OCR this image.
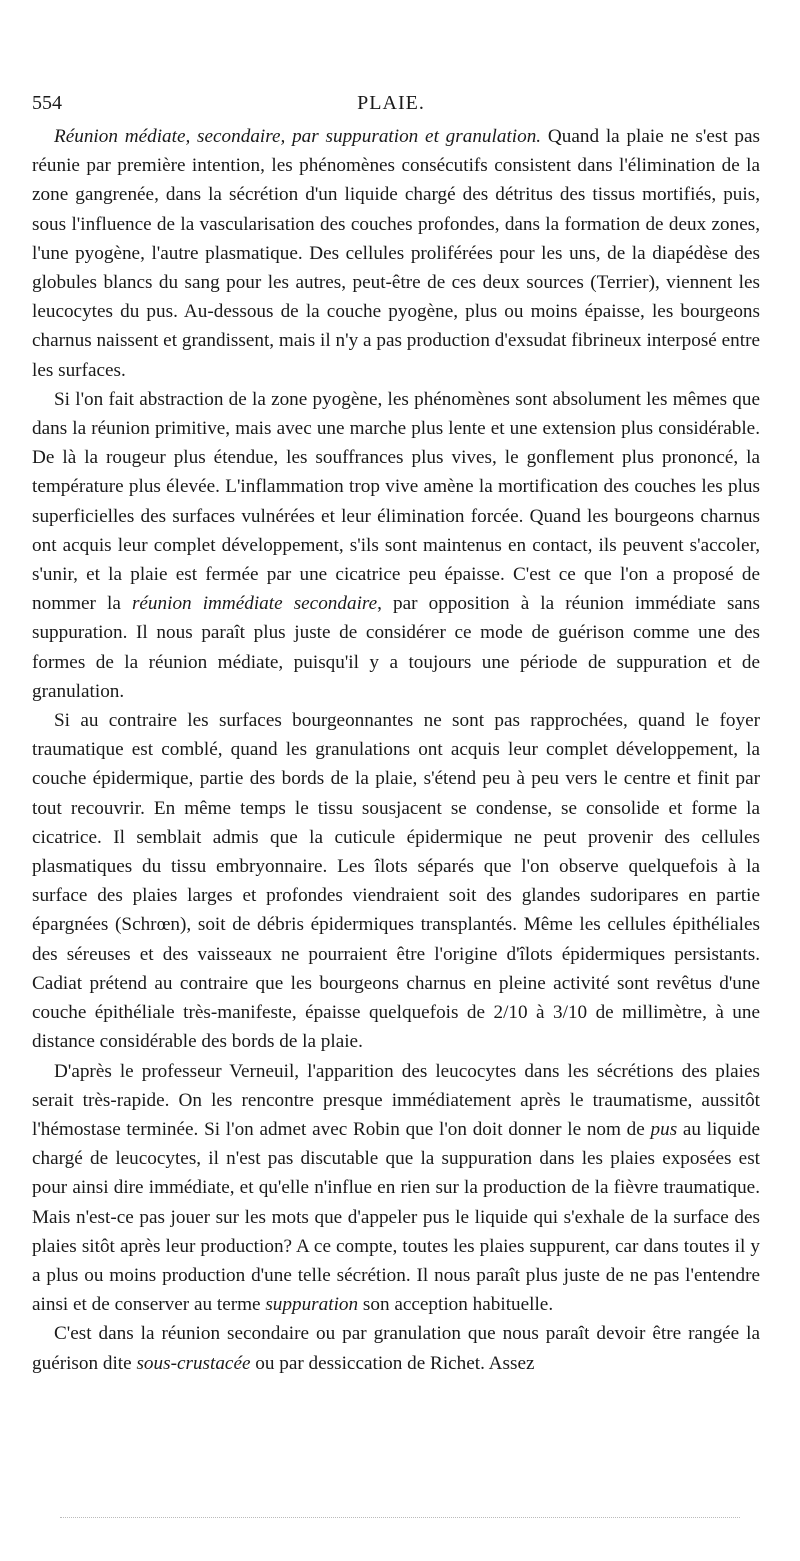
554	PLAIE.

Réunion médiate, secondaire, par suppuration et granulation. Quand la plaie ne s'est pas réunie par première intention, les phénomènes consécutifs consistent dans l'élimination de la zone gangrenée, dans la sécrétion d'un liquide chargé des détritus des tissus mortifiés, puis, sous l'influence de la vascularisation des couches profondes, dans la formation de deux zones, l'une pyogène, l'autre plasmatique. Des cellules proliférées pour les uns, de la diapédèse des globules blancs du sang pour les autres, peut-être de ces deux sources (Terrier), viennent les leucocytes du pus. Au-dessous de la couche pyogène, plus ou moins épaisse, les bourgeons charnus naissent et grandissent, mais il n'y a pas production d'exsudat fibrineux interposé entre les surfaces.

Si l'on fait abstraction de la zone pyogène, les phénomènes sont absolument les mêmes que dans la réunion primitive, mais avec une marche plus lente et une extension plus considérable. De là la rougeur plus étendue, les souffrances plus vives, le gonflement plus prononcé, la température plus élevée. L'inflammation trop vive amène la mortification des couches les plus superficielles des surfaces vulnérées et leur élimination forcée. Quand les bourgeons charnus ont acquis leur complet développement, s'ils sont maintenus en contact, ils peuvent s'accoler, s'unir, et la plaie est fermée par une cicatrice peu épaisse. C'est ce que l'on a proposé de nommer la réunion immédiate secondaire, par opposition à la réunion immédiate sans suppuration. Il nous paraît plus juste de considérer ce mode de guérison comme une des formes de la réunion médiate, puisqu'il y a toujours une période de suppuration et de granulation.

Si au contraire les surfaces bourgeonnantes ne sont pas rapprochées, quand le foyer traumatique est comblé, quand les granulations ont acquis leur complet développement, la couche épidermique, partie des bords de la plaie, s'étend peu à peu vers le centre et finit par tout recouvrir. En même temps le tissu sousjacent se condense, se consolide et forme la cicatrice. Il semblait admis que la cuticule épidermique ne peut provenir des cellules plasmatiques du tissu embryonnaire. Les îlots séparés que l'on observe quelquefois à la surface des plaies larges et profondes viendraient soit des glandes sudoripares en partie épargnées (Schrœn), soit de débris épidermiques transplantés. Même les cellules épithéliales des séreuses et des vaisseaux ne pourraient être l'origine d'îlots épidermiques persistants. Cadiat prétend au contraire que les bourgeons charnus en pleine activité sont revêtus d'une couche épithéliale très-manifeste, épaisse quelquefois de 2/10 à 3/10 de millimètre, à une distance considérable des bords de la plaie.

D'après le professeur Verneuil, l'apparition des leucocytes dans les sécrétions des plaies serait très-rapide. On les rencontre presque immédiatement après le traumatisme, aussitôt l'hémostase terminée. Si l'on admet avec Robin que l'on doit donner le nom de pus au liquide chargé de leucocytes, il n'est pas discutable que la suppuration dans les plaies exposées est pour ainsi dire immédiate, et qu'elle n'influe en rien sur la production de la fièvre traumatique. Mais n'est-ce pas jouer sur les mots que d'appeler pus le liquide qui s'exhale de la surface des plaies sitôt après leur production? A ce compte, toutes les plaies suppurent, car dans toutes il y a plus ou moins production d'une telle sécrétion. Il nous paraît plus juste de ne pas l'entendre ainsi et de conserver au terme suppuration son acception habituelle.

C'est dans la réunion secondaire ou par granulation que nous paraît devoir être rangée la guérison dite sous-crustacée ou par dessiccation de Richet. Assez
